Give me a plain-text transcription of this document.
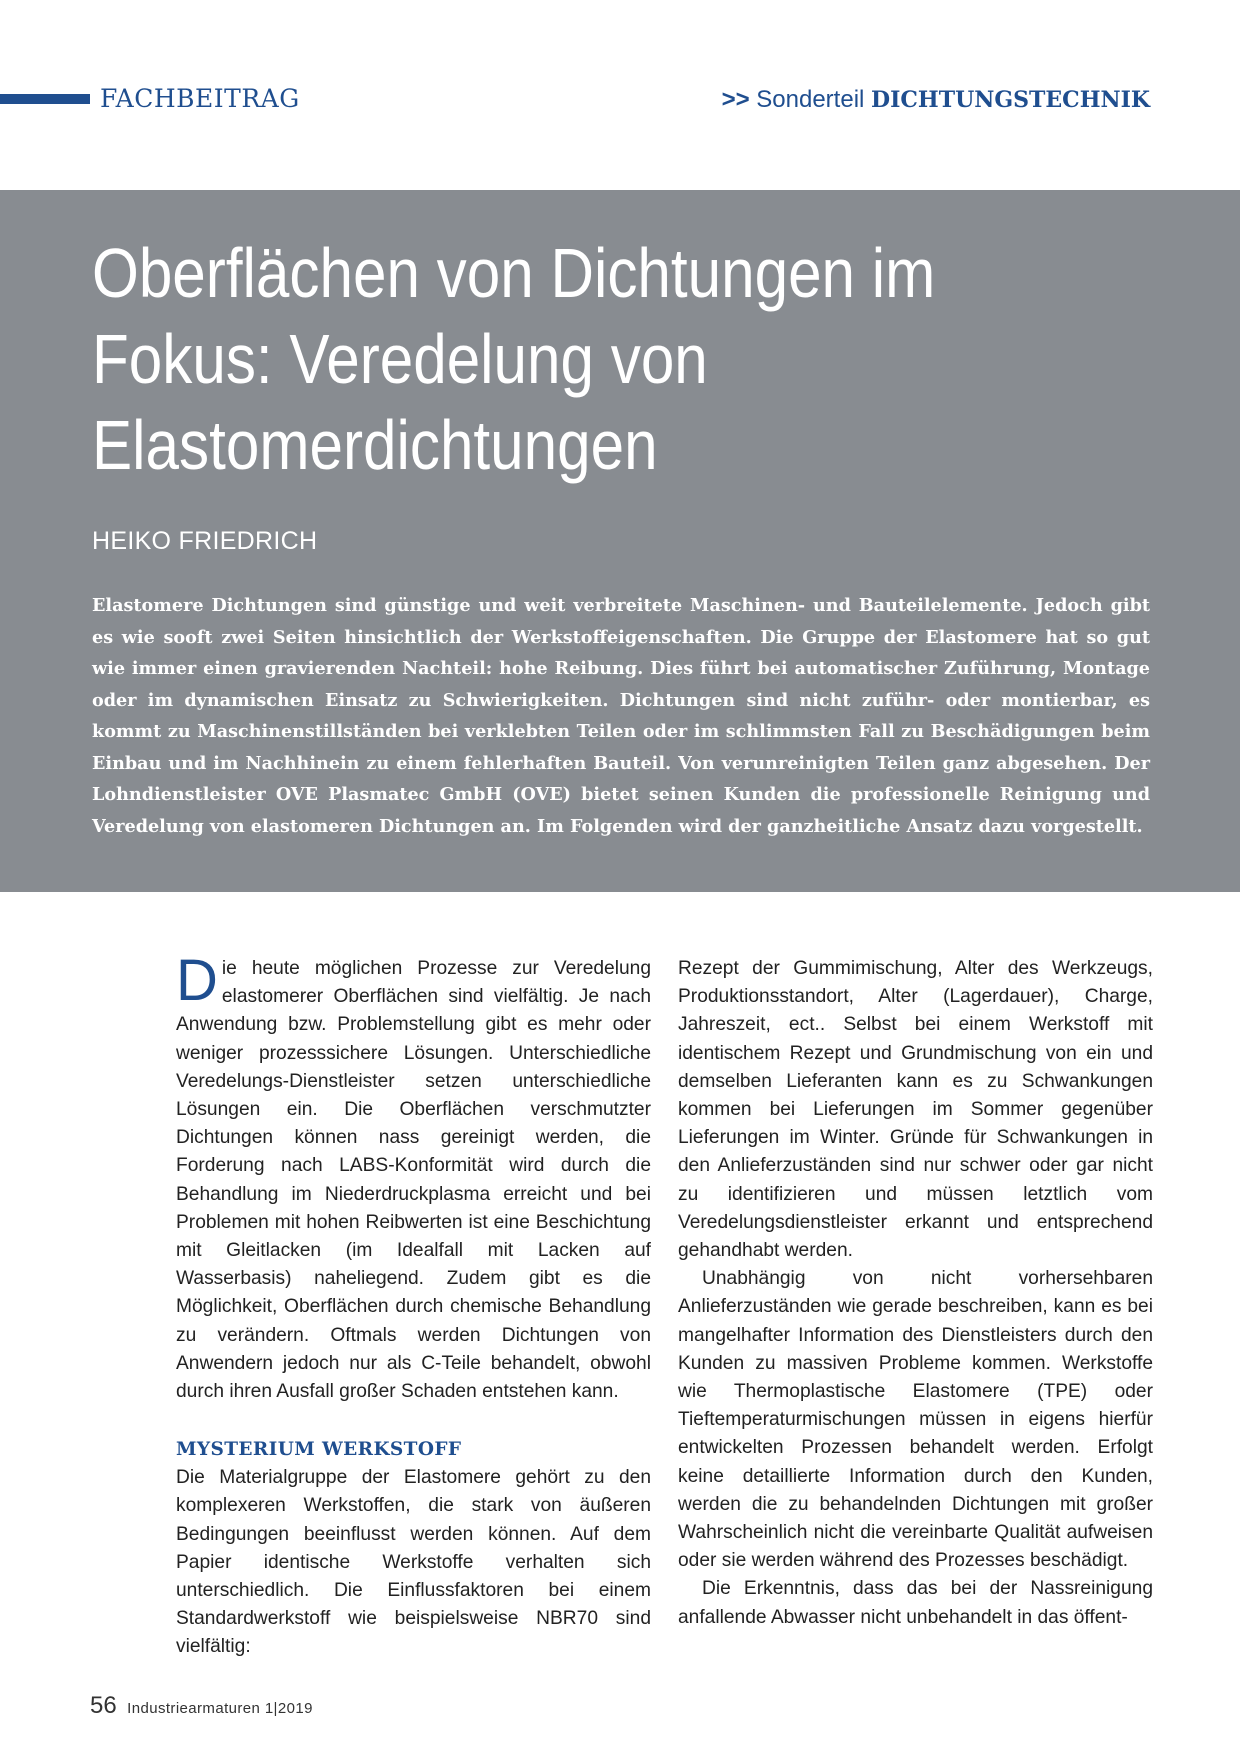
FACHBEITRAG	>> Sonderteil DICHTUNGSTECHNIK
Oberflächen von Dichtungen im Fokus: Veredelung von Elastomerdichtungen

HEIKO FRIEDRICH

Elastomere Dichtungen sind günstige und weit verbreitete Maschinen- und Bauteilelemente. Jedoch gibt es wie sooft zwei Seiten hinsichtlich der Werkstoffeigenschaften. Die Gruppe der Elastomere hat so gut wie immer einen gravierenden Nachteil: hohe Reibung. Dies führt bei automatischer Zuführung, Montage oder im dynamischen Einsatz zu Schwierigkeiten. Dichtungen sind nicht zuführ- oder montierbar, es kommt zu Maschinenstillständen bei verklebten Teilen oder im schlimmsten Fall zu Beschädigungen beim Einbau und im Nachhinein zu einem fehlerhaften Bauteil. Von verunreinigten Teilen ganz abgesehen. Der Lohndienstleister OVE Plasmatec GmbH (OVE) bietet seinen Kunden die professionelle Reinigung und Veredelung von elastomeren Dichtungen an. Im Folgenden wird der ganzheitliche Ansatz dazu vorgestellt.

Die heute möglichen Prozesse zur Veredelung elastomerer Oberflächen sind vielfältig. Je nach Anwendung bzw. Problemstellung gibt es mehr oder weniger prozesssichere Lösungen. Unterschiedliche Veredelungs-Dienstleister setzen unterschiedliche Lösungen ein. Die Oberflächen verschmutzter Dichtungen können nass gereinigt werden, die Forderung nach LABS-Konformität wird durch die Behandlung im Niederdruckplasma erreicht und bei Problemen mit hohen Reibwerten ist eine Beschichtung mit Gleitlacken (im Idealfall mit Lacken auf Wasserbasis) naheliegend. Zudem gibt es die Möglichkeit, Oberflächen durch chemische Behandlung zu verändern. Oftmals werden Dichtungen von Anwendern jedoch nur als C-Teile behandelt, obwohl durch ihren Ausfall großer Schaden entstehen kann.

MYSTERIUM WERKSTOFF

Die Materialgruppe der Elastomere gehört zu den komplexeren Werkstoffen, die stark von äußeren Bedingungen beeinflusst werden können. Auf dem Papier identische Werkstoffe verhalten sich unterschiedlich. Die Einflussfaktoren bei einem Standardwerkstoff wie beispielsweise NBR70 sind vielfältig:

Rezept der Gummimischung, Alter des Werkzeugs, Produktionsstandort, Alter (Lagerdauer), Charge, Jahreszeit, ect.. Selbst bei einem Werkstoff mit identischem Rezept und Grundmischung von ein und demselben Lieferanten kann es zu Schwankungen kommen bei Lieferungen im Sommer gegenüber Lieferungen im Winter. Gründe für Schwankungen in den Anlieferzuständen sind nur schwer oder gar nicht zu identifizieren und müssen letztlich vom Veredelungsdienstleister erkannt und entsprechend gehandhabt werden.

Unabhängig von nicht vorhersehbaren Anlieferzuständen wie gerade beschreiben, kann es bei mangelhafter Information des Dienstleisters durch den Kunden zu massiven Probleme kommen. Werkstoffe wie Thermoplastische Elastomere (TPE) oder Tieftemperaturmischungen müssen in eigens hierfür entwickelten Prozessen behandelt werden. Erfolgt keine detaillierte Information durch den Kunden, werden die zu behandelnden Dichtungen mit großer Wahrscheinlich nicht die vereinbarte Qualität aufweisen oder sie werden während des Prozesses beschädigt.

Die Erkenntnis, dass das bei der Nassreinigung anfallende Abwasser nicht unbehandelt in das öffent-

56 Industriearmaturen 1|2019
